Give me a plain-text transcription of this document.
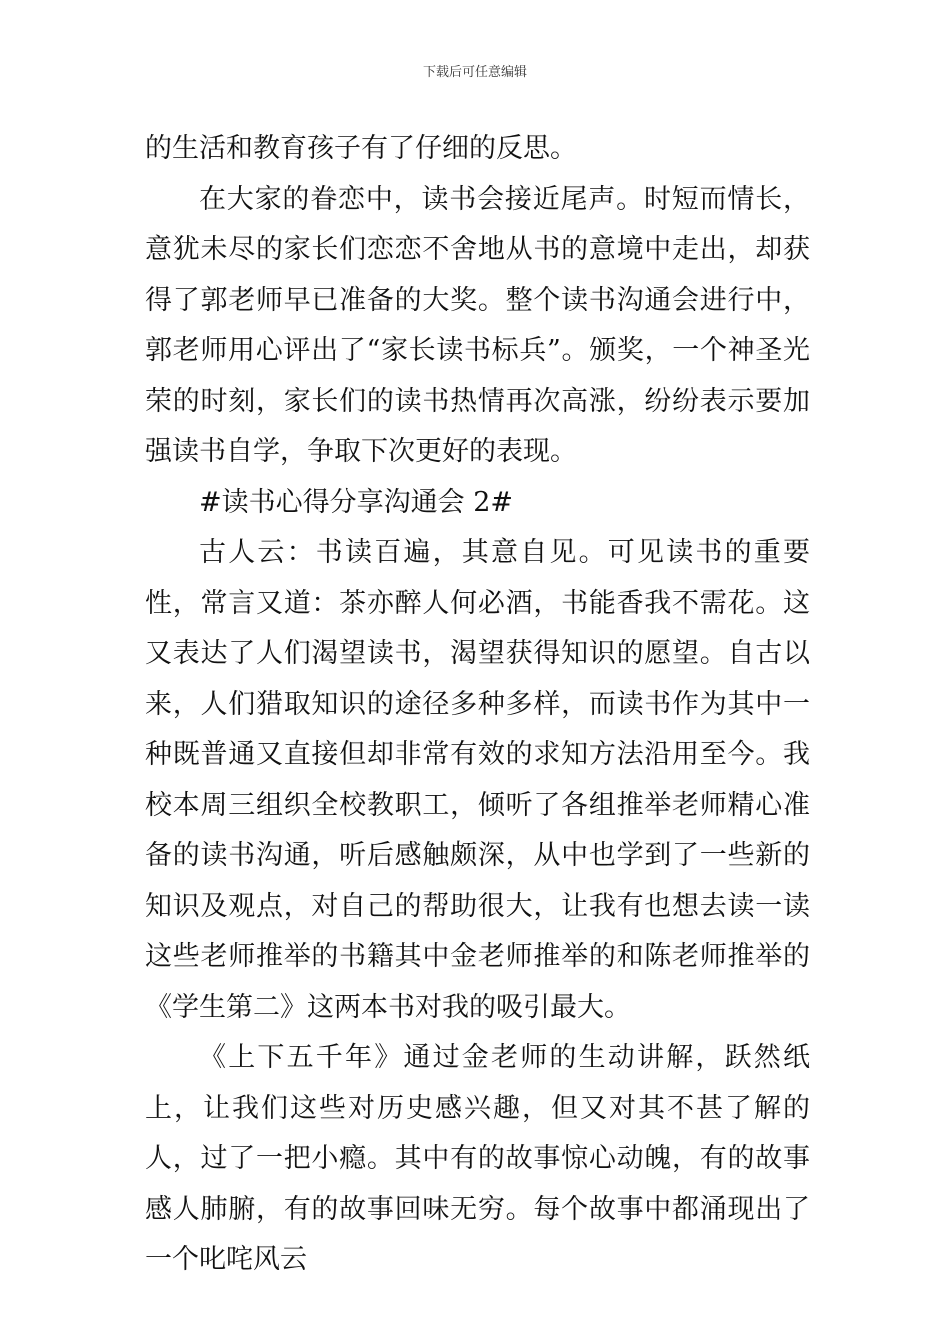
下载后可任意编辑

的生活和教育孩子有了仔细的反思。

在大家的眷恋中，读书会接近尾声。时短而情长，意犹未尽的家长们恋恋不舍地从书的意境中走出，却获得了郭老师早已准备的大奖。整个读书沟通会进行中，郭老师用心评出了“家长读书标兵”。颁奖，一个神圣光荣的时刻，家长们的读书热情再次高涨，纷纷表示要加强读书自学，争取下次更好的表现。

#读书心得分享沟通会 2#

古人云：书读百遍，其意自见。可见读书的重要性，常言又道：茶亦醉人何必酒，书能香我不需花。这又表达了人们渴望读书，渴望获得知识的愿望。自古以来，人们猎取知识的途径多种多样，而读书作为其中一种既普通又直接但却非常有效的求知方法沿用至今。我校本周三组织全校教职工，倾听了各组推举老师精心准备的读书沟通，听后感触颇深，从中也学到了一些新的知识及观点，对自己的帮助很大，让我有也想去读一读这些老师推举的书籍其中金老师推举的和陈老师推举的《学生第二》这两本书对我的吸引最大。

《上下五千年》通过金老师的生动讲解，跃然纸上，让我们这些对历史感兴趣，但又对其不甚了解的人，过了一把小瘾。其中有的故事惊心动魄，有的故事感人肺腑，有的故事回味无穷。每个故事中都涌现出了一个叱咤风云
